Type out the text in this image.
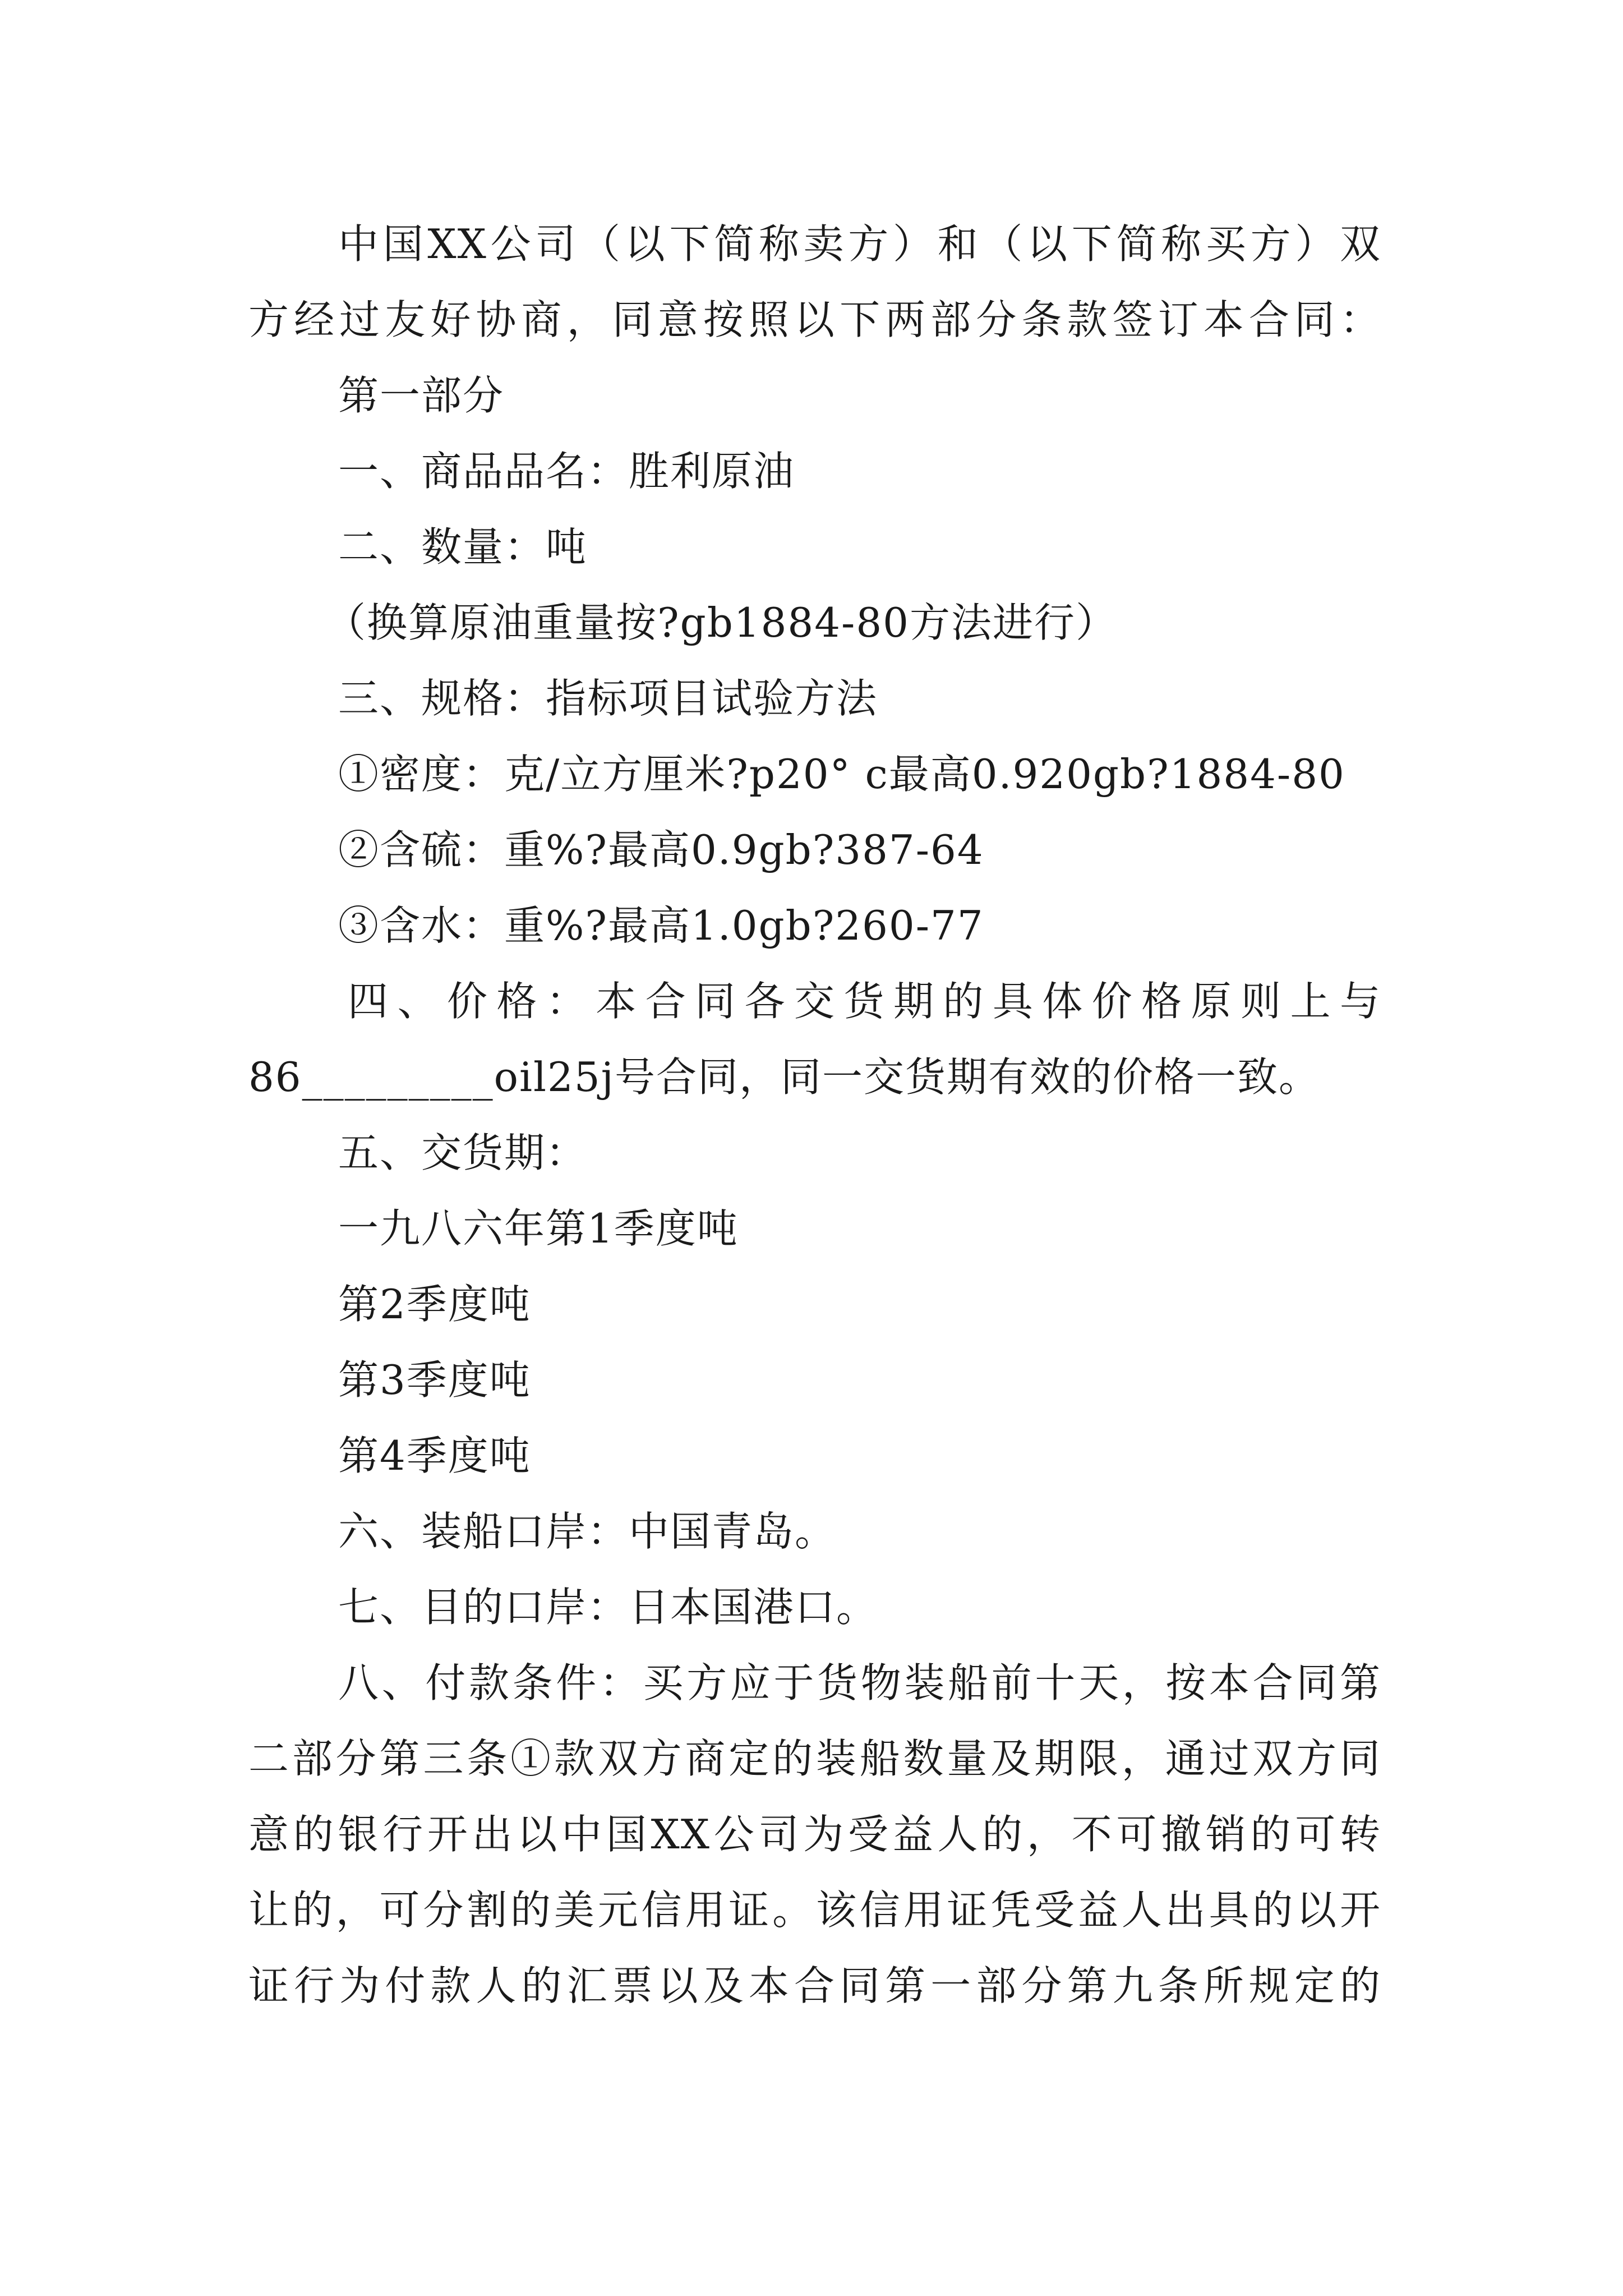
中国XX公司（以下简称卖方）和（以下简称买方）双
方经过友好协商，同意按照以下两部分条款签订本合同：
第一部分
一、商品品名：胜利原油
二、数量：吨
（换算原油重量按?gb1884-80方法进行）
三、规格：指标项目试验方法
①密度：克/立方厘米?p20° c最高0.920gb?1884-80
②含硫：重%?最高0.9gb?387-64
③含水：重%?最高1.0gb?260-77
四、价格：本合同各交货期的具体价格原则上与
86_________oil25j号合同，同一交货期有效的价格一致。
五、交货期：
一九八六年第1季度吨
第2季度吨
第3季度吨
第4季度吨
六、装船口岸：中国青岛。
七、目的口岸：日本国港口。
八、付款条件：买方应于货物装船前十天，按本合同第
二部分第三条①款双方商定的装船数量及期限，通过双方同
意的银行开出以中国XX公司为受益人的，不可撤销的可转
让的，可分割的美元信用证。该信用证凭受益人出具的以开
证行为付款人的汇票以及本合同第一部分第九条所规定的
